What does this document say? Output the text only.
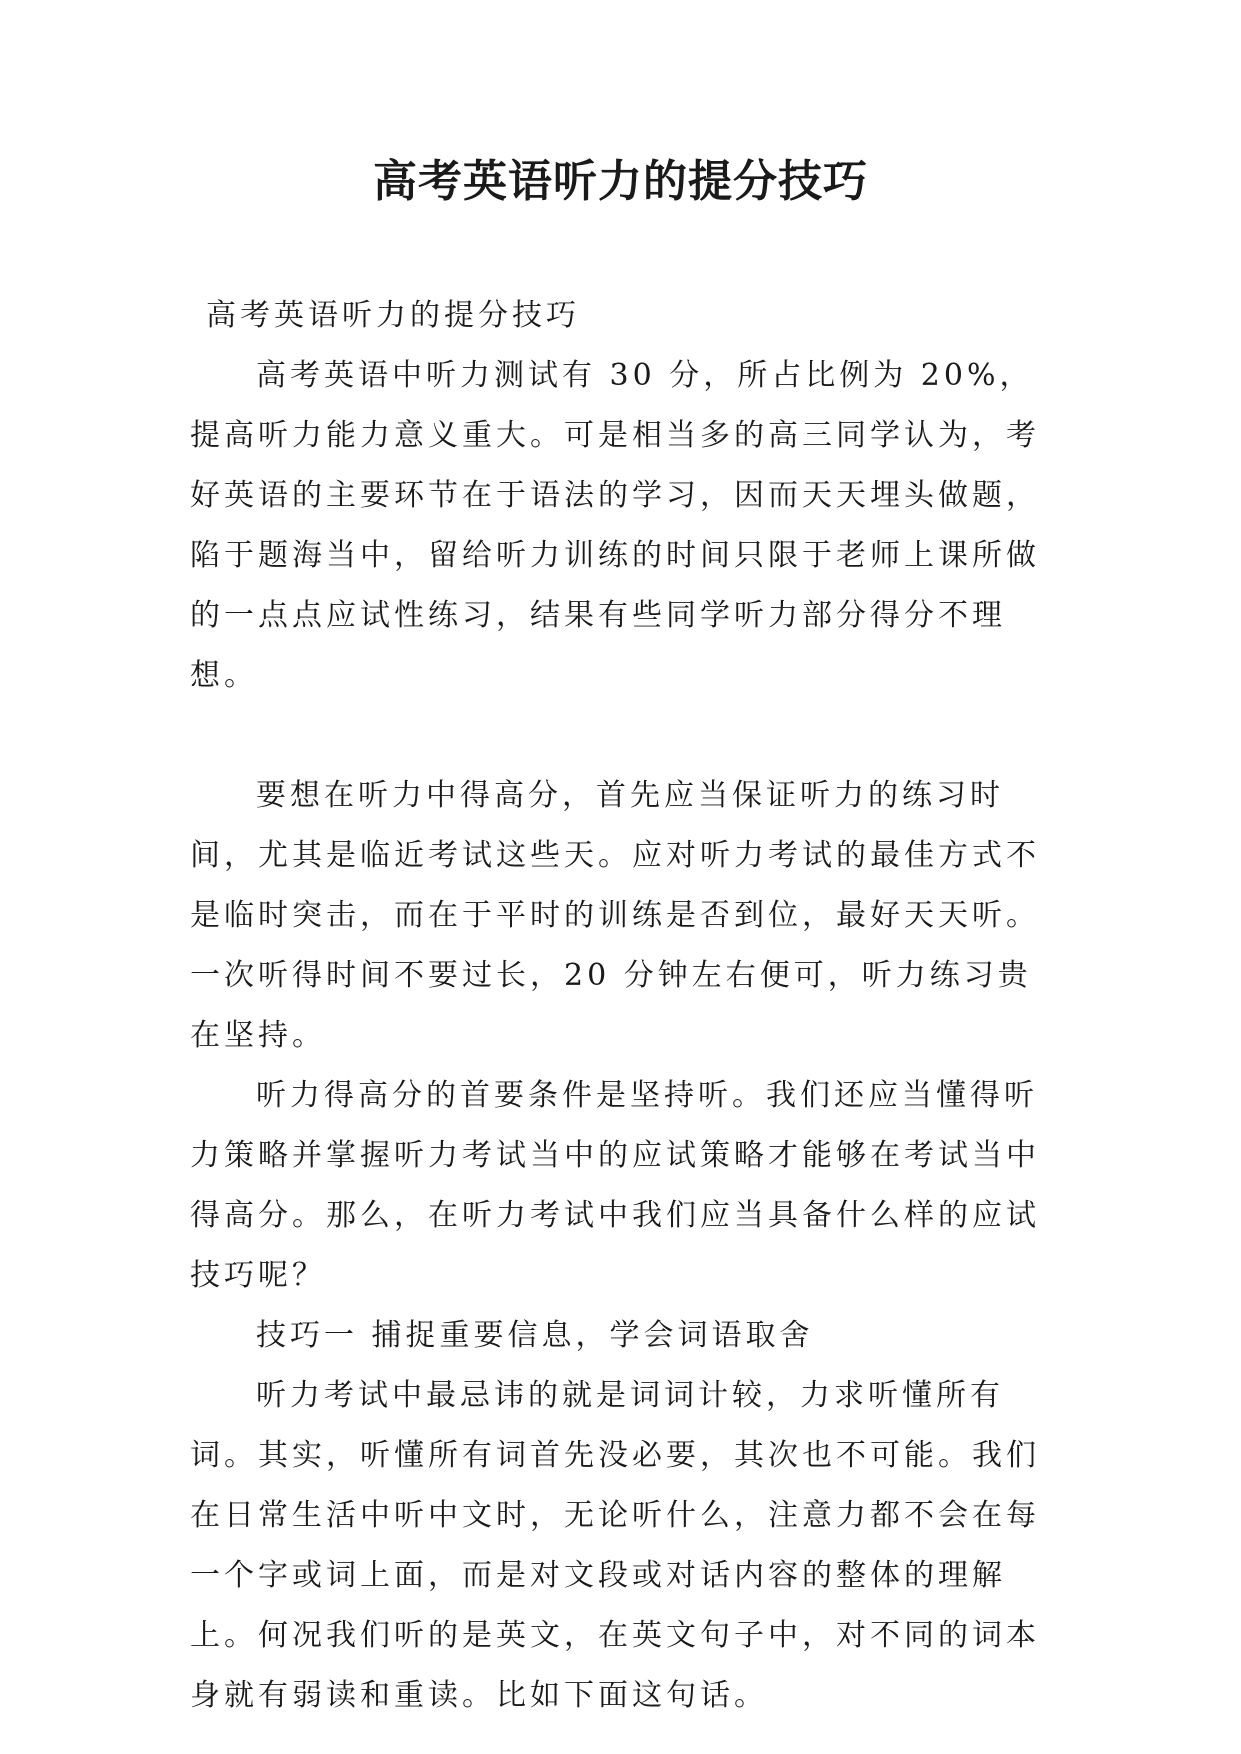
高考英语听力的提分技巧

高考英语听力的提分技巧

高考英语中听力测试有 30 分，所占比例为 20%，提高听力能力意义重大。可是相当多的高三同学认为，考好英语的主要环节在于语法的学习，因而天天埋头做题，陷于题海当中，留给听力训练的时间只限于老师上课所做的一点点应试性练习，结果有些同学听力部分得分不理想。

要想在听力中得高分，首先应当保证听力的练习时间，尤其是临近考试这些天。应对听力考试的最佳方式不是临时突击，而在于平时的训练是否到位，最好天天听。一次听得时间不要过长，20 分钟左右便可，听力练习贵在坚持。

听力得高分的首要条件是坚持听。我们还应当懂得听力策略并掌握听力考试当中的应试策略才能够在考试当中得高分。那么，在听力考试中我们应当具备什么样的应试技巧呢？

技巧一 捕捉重要信息，学会词语取舍

听力考试中最忌讳的就是词词计较，力求听懂所有词。其实，听懂所有词首先没必要，其次也不可能。我们在日常生活中听中文时，无论听什么，注意力都不会在每一个字或词上面，而是对文段或对话内容的整体的理解上。何况我们听的是英文，在英文句子中，对不同的词本身就有弱读和重读。比如下面这句话。
